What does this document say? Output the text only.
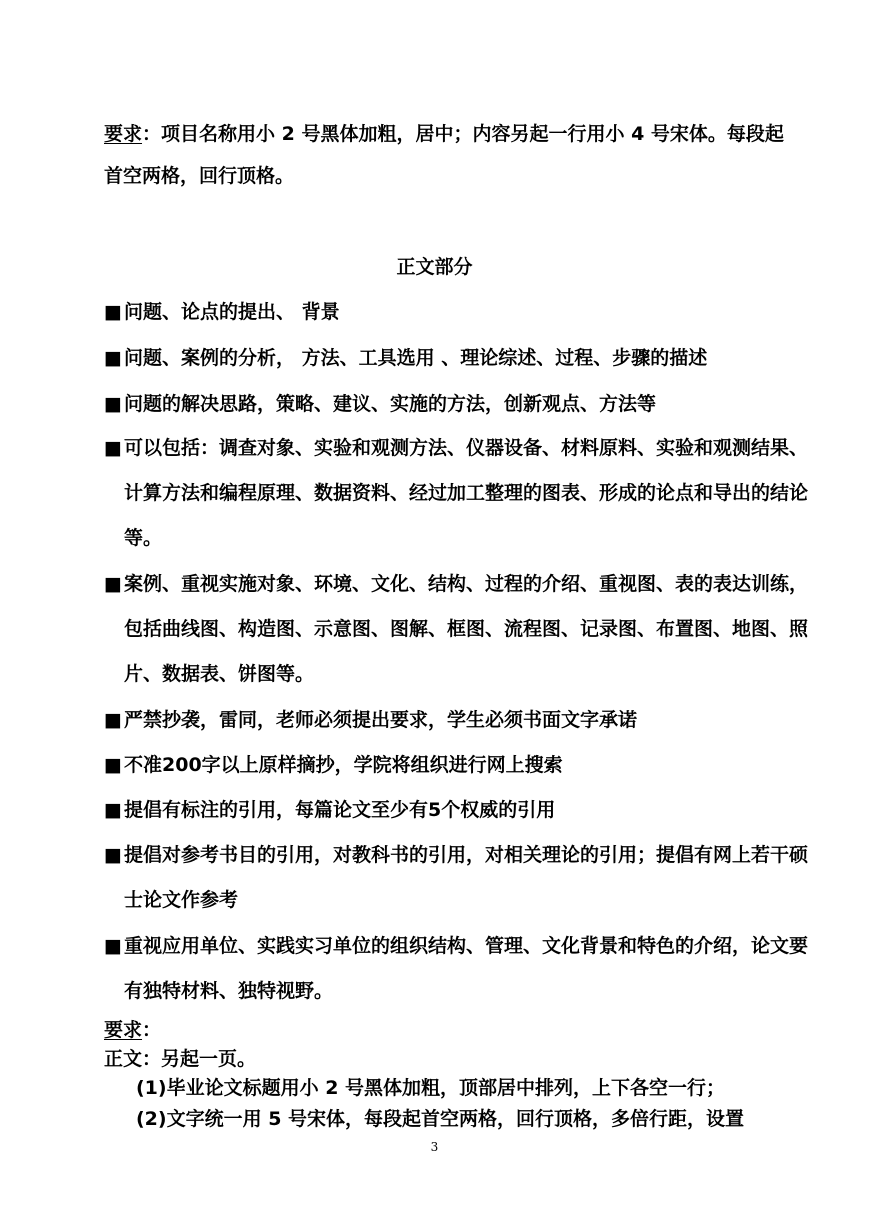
要求：项目名称用小 2 号黑体加粗，居中；内容另起一行用小 4 号宋体。每段起首空两格，回行顶格。
正文部分
■ 问题、论点的提出、 背景
■ 问题、案例的分析， 方法、工具选用 、理论综述、过程、步骤的描述
■ 问题的解决思路，策略、建议、实施的方法，创新观点、方法等
■ 可以包括：调查对象、实验和观测方法、仪器设备、材料原料、实验和观测结果、计算方法和编程原理、数据资料、经过加工整理的图表、形成的论点和导出的结论等。
■ 案例、重视实施对象、环境、文化、结构、过程的介绍、重视图、表的表达训练，包括曲线图、构造图、示意图、图解、框图、流程图、记录图、布置图、地图、照片、数据表、饼图等。
■ 严禁抄袭，雷同，老师必须提出要求，学生必须书面文字承诺
■ 不准200字以上原样摘抄，学院将组织进行网上搜索
■ 提倡有标注的引用，每篇论文至少有5个权威的引用
■ 提倡对参考书目的引用，对教科书的引用，对相关理论的引用；提倡有网上若干硕士论文作参考
■ 重视应用单位、实践实习单位的组织结构、管理、文化背景和特色的介绍，论文要有独特材料、独特视野。
要求：
正文：另起一页。
(1)毕业论文标题用小 2 号黑体加粗，顶部居中排列，上下各空一行；
(2)文字统一用 5 号宋体，每段起首空两格，回行顶格，多倍行距，设置
3
